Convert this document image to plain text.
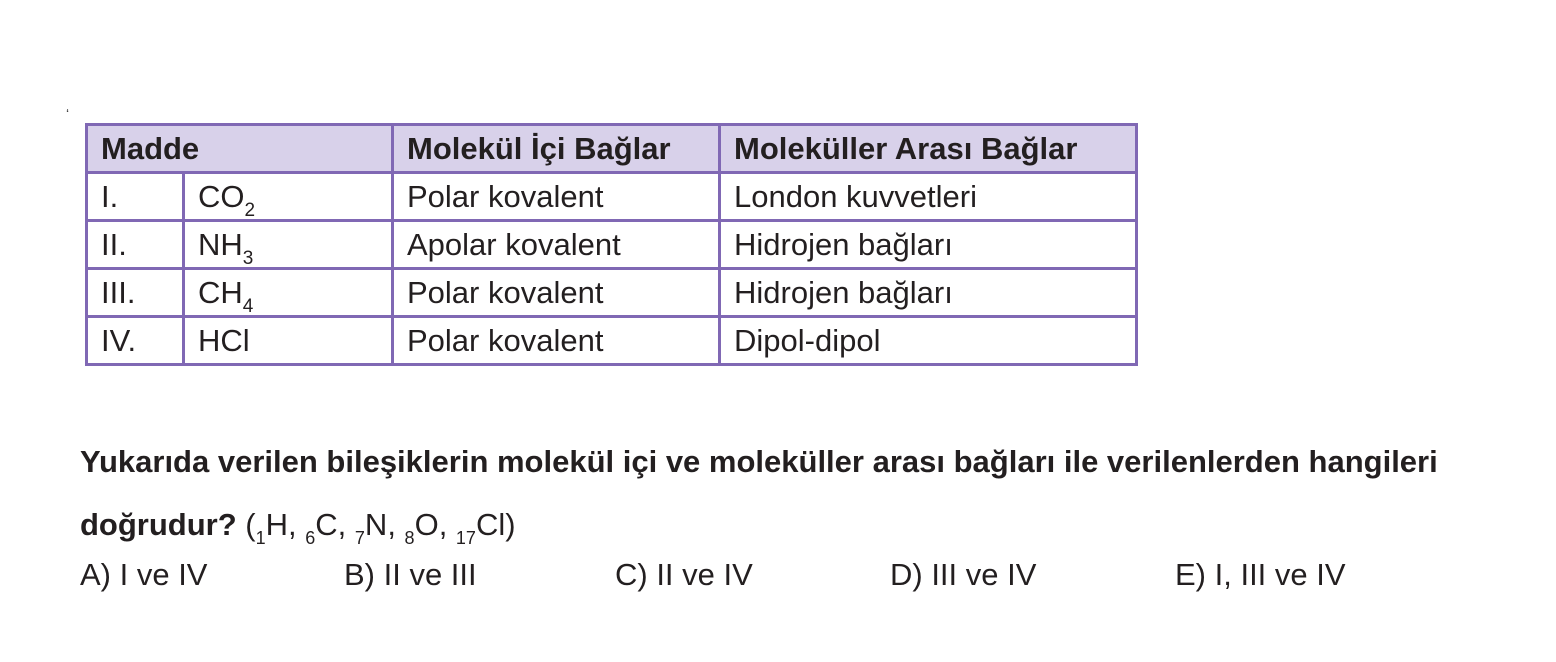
ʻ
Madde		Molekül İçi Bağlar	Moleküller Arası Bağlar
I.	$CO_2$	Polar kovalent	London kuvvetleri
II.	$NH_3$	Apolar kovalent	Hidrojen bağları
III.	$CH_4$	Polar kovalent	Hidrojen bağları
IV.	HCl	Polar kovalent	Dipol-dipol
Yukarıda verilen bileşiklerin molekül içi ve moleküller arası bağları ile verilenlerden hangileri
doğrudur? ($_1H$, $_6$C, $_7$N, $_8$O, $_{17}$Cl)
A) I ve IV	B) II ve III	C) II ve IV	D) III ve IV	E) I, III ve IV
